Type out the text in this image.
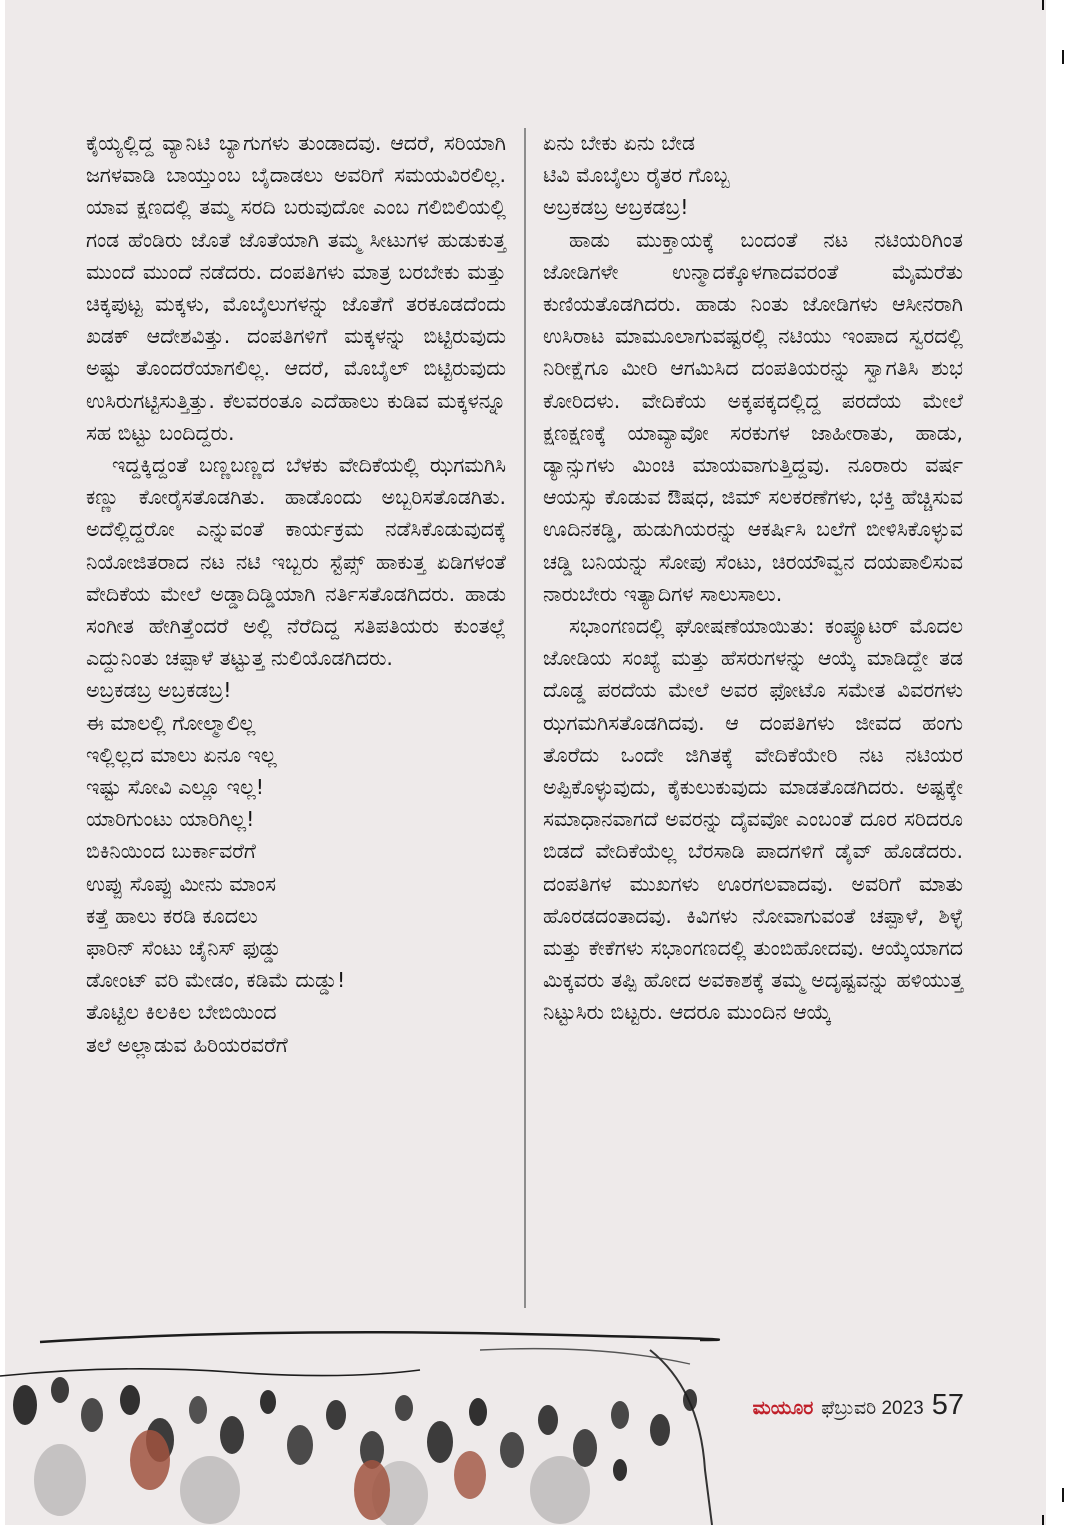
ಕೈಯ್ಯಲ್ಲಿದ್ದ ವ್ಯಾನಿಟಿ ಬ್ಯಾಗುಗಳು ತುಂಡಾದವು. ಆದರೆ, ಸರಿಯಾಗಿ ಜಗಳವಾಡಿ ಬಾಯ್ತುಂಬ ಬೈದಾಡಲು ಅವರಿಗೆ ಸಮಯವಿರಲಿಲ್ಲ. ಯಾವ ಕ್ಷಣದಲ್ಲಿ ತಮ್ಮ ಸರದಿ ಬರುವುದೋ ಎಂಬ ಗಲಿಬಿಲಿಯಲ್ಲಿ ಗಂಡ ಹೆಂಡಿರು ಜೊತೆ ಜೊತೆಯಾಗಿ ತಮ್ಮ ಸೀಟುಗಳ ಹುಡುಕುತ್ತ ಮುಂದೆ ಮುಂದೆ ನಡೆದರು. ದಂಪತಿಗಳು ಮಾತ್ರ ಬರಬೇಕು ಮತ್ತು ಚಿಕ್ಕಪುಟ್ಟ ಮಕ್ಕಳು, ಮೊಬೈಲುಗಳನ್ನು ಜೊತೆಗೆ ತರಕೂಡದೆಂದು ಖಡಕ್ ಆದೇಶವಿತ್ತು. ದಂಪತಿಗಳಿಗೆ ಮಕ್ಕಳನ್ನು ಬಿಟ್ಟಿರುವುದು ಅಷ್ಟು ತೊಂದರೆಯಾಗಲಿಲ್ಲ. ಆದರೆ, ಮೊಬೈಲ್ ಬಿಟ್ಟಿರುವುದು ಉಸಿರುಗಟ್ಟಿಸುತ್ತಿತ್ತು. ಕೆಲವರಂತೂ ಎದೆಹಾಲು ಕುಡಿವ ಮಕ್ಕಳನ್ನೂ ಸಹ ಬಿಟ್ಟು ಬಂದಿದ್ದರು.

ಇದ್ದಕ್ಕಿದ್ದಂತೆ ಬಣ್ಣಬಣ್ಣದ ಬೆಳಕು ವೇದಿಕೆಯಲ್ಲಿ ಝಗಮಗಿಸಿ ಕಣ್ಣು ಕೋರೈಸತೊಡಗಿತು. ಹಾಡೊಂದು ಅಬ್ಬರಿಸತೊಡಗಿತು. ಅದೆಲ್ಲಿದ್ದರೋ ಎನ್ನುವಂತೆ ಕಾರ್ಯಕ್ರಮ ನಡೆಸಿಕೊಡುವುದಕ್ಕೆ ನಿಯೋಜಿತರಾದ ನಟ ನಟಿ ಇಬ್ಬರು ಸ್ಟೆಪ್ಸ್ ಹಾಕುತ್ತ ಏಡಿಗಳಂತೆ ವೇದಿಕೆಯ ಮೇಲೆ ಅಡ್ಡಾದಿಡ್ಡಿಯಾಗಿ ನರ್ತಿಸತೊಡಗಿದರು. ಹಾಡು ಸಂಗೀತ ಹೇಗಿತ್ತೆಂದರೆ ಅಲ್ಲಿ ನೆರೆದಿದ್ದ ಸತಿಪತಿಯರು ಕುಂತಲ್ಲೆ ಎದ್ದುನಿಂತು ಚಪ್ಪಾಳೆ ತಟ್ಟುತ್ತ ನುಲಿಯೊಡಗಿದರು.

ಅಬ್ರಕಡಬ್ರ ಅಬ್ರಕಡಬ್ರ!
ಈ ಮಾಲಲ್ಲಿ ಗೋಲ್ಮಾಲಿಲ್ಲ
ಇಲ್ಲಿಲ್ಲದ ಮಾಲು ಏನೂ ಇಲ್ಲ
ಇಷ್ಟು ಸೋವಿ ಎಲ್ಲೂ ಇಲ್ಲ!
ಯಾರಿಗುಂಟು ಯಾರಿಗಿಲ್ಲ!
ಬಿಕಿನಿಯಿಂದ ಬುರ್ಕಾವರೆಗೆ
ಉಪ್ಪು ಸೊಪ್ಪು ಮೀನು ಮಾಂಸ
ಕತ್ತೆ ಹಾಲು ಕರಡಿ ಕೂದಲು
ಫಾರಿನ್ ಸೆಂಟು ಚೈನಿಸ್ ಫುಡ್ಡು
ಡೋಂಟ್ ವರಿ ಮೇಡಂ, ಕಡಿಮೆ ದುಡ್ಡು!
ತೊಟ್ಟಿಲ ಕಿಲಕಿಲ ಬೇಬಿಯಿಂದ
ತಲೆ ಅಲ್ಲಾಡುವ ಹಿರಿಯರವರೆಗೆ
ಏನು ಬೇಕು ಏನು ಬೇಡ
ಟಿವಿ ಮೊಬೈಲು ರೈತರ ಗೊಬ್ಬ
ಅಬ್ರಕಡಬ್ರ ಅಬ್ರಕಡಬ್ರ!

ಹಾಡು ಮುಕ್ತಾಯಕ್ಕೆ ಬಂದಂತೆ ನಟ ನಟಿಯರಿಗಿಂತ ಜೋಡಿಗಳೇ ಉನ್ಮಾದಕ್ಕೊಳಗಾದವರಂತೆ ಮೈಮರೆತು ಕುಣಿಯತೊಡಗಿದರು. ಹಾಡು ನಿಂತು ಜೋಡಿಗಳು ಆಸೀನರಾಗಿ ಉಸಿರಾಟ ಮಾಮೂಲಾಗುವಷ್ಟರಲ್ಲಿ ನಟಿಯು ಇಂಪಾದ ಸ್ವರದಲ್ಲಿ ನಿರೀಕ್ಷೆಗೂ ಮೀರಿ ಆಗಮಿಸಿದ ದಂಪತಿಯರನ್ನು ಸ್ವಾಗತಿಸಿ ಶುಭ ಕೋರಿದಳು. ವೇದಿಕೆಯ ಅಕ್ಕಪಕ್ಕದಲ್ಲಿದ್ದ ಪರದೆಯ ಮೇಲೆ ಕ್ಷಣಕ್ಷಣಕ್ಕೆ ಯಾವ್ಯಾವೋ ಸರಕುಗಳ ಜಾಹೀರಾತು, ಹಾಡು, ಡ್ಯಾನ್ಸುಗಳು ಮಿಂಚಿ ಮಾಯವಾಗುತ್ತಿದ್ದವು. ನೂರಾರು ವರ್ಷ ಆಯಸ್ಸು ಕೊಡುವ ಔಷಧ, ಜಿಮ್ ಸಲಕರಣೆಗಳು, ಭಕ್ತಿ ಹೆಚ್ಚಿಸುವ ಊದಿನಕಡ್ಡಿ, ಹುಡುಗಿಯರನ್ನು ಆಕರ್ಷಿಸಿ ಬಲೆಗೆ ಬೀಳಿಸಿಕೊಳ್ಳುವ ಚಡ್ಡಿ ಬನಿಯನ್ನು ಸೋಪು ಸೆಂಟು, ಚಿರಯೌವ್ವನ ದಯಪಾಲಿಸುವ ನಾರುಬೇರು ಇತ್ಯಾದಿಗಳ ಸಾಲುಸಾಲು.

ಸಭಾಂಗಣದಲ್ಲಿ ಘೋಷಣೆಯಾಯಿತು: ಕಂಪ್ಯೂಟರ್ ಮೊದಲ ಜೋಡಿಯ ಸಂಖ್ಯೆ ಮತ್ತು ಹೆಸರುಗಳನ್ನು ಆಯ್ಕೆ ಮಾಡಿದ್ದೇ ತಡ ದೊಡ್ಡ ಪರದೆಯ ಮೇಲೆ ಅವರ ಫೋಟೊ ಸಮೇತ ವಿವರಗಳು ಝಗಮಗಿಸತೊಡಗಿದವು. ಆ ದಂಪತಿಗಳು ಜೀವದ ಹಂಗು ತೊರೆದು ಒಂದೇ ಜಿಗಿತಕ್ಕೆ ವೇದಿಕೆಯೇರಿ ನಟ ನಟಿಯರ ಅಪ್ಪಿಕೊಳ್ಳುವುದು, ಕೈಕುಲುಕುವುದು ಮಾಡತೊಡಗಿದರು. ಅಷ್ಟಕ್ಕೇ ಸಮಾಧಾನವಾಗದೆ ಅವರನ್ನು ದೈವವೋ ಎಂಬಂತೆ ದೂರ ಸರಿದರೂ ಬಿಡದೆ ವೇದಿಕೆಯೆಲ್ಲ ಬೆರಸಾಡಿ ಪಾದಗಳಿಗೆ ಡೈವ್ ಹೊಡೆದರು. ದಂಪತಿಗಳ ಮುಖಗಳು ಊರಗಲವಾದವು. ಅವರಿಗೆ ಮಾತು ಹೊರಡದಂತಾದವು. ಕಿವಿಗಳು ನೋವಾಗುವಂತೆ ಚಪ್ಪಾಳೆ, ಶಿಳ್ಳೆ ಮತ್ತು ಕೇಕೆಗಳು ಸಭಾಂಗಣದಲ್ಲಿ ತುಂಬಿಹೋದವು. ಆಯ್ಕೆಯಾಗದ ಮಿಕ್ಕವರು ತಪ್ಪಿ ಹೋದ ಅವಕಾಶಕ್ಕೆ ತಮ್ಮ ಅದೃಷ್ಟವನ್ನು ಹಳಿಯುತ್ತ ನಿಟ್ಟುಸಿರು ಬಿಟ್ಟರು. ಆದರೂ ಮುಂದಿನ ಆಯ್ಕೆ

ಮಯೂರ ಫೆಬ್ರುವರಿ 2023 57
